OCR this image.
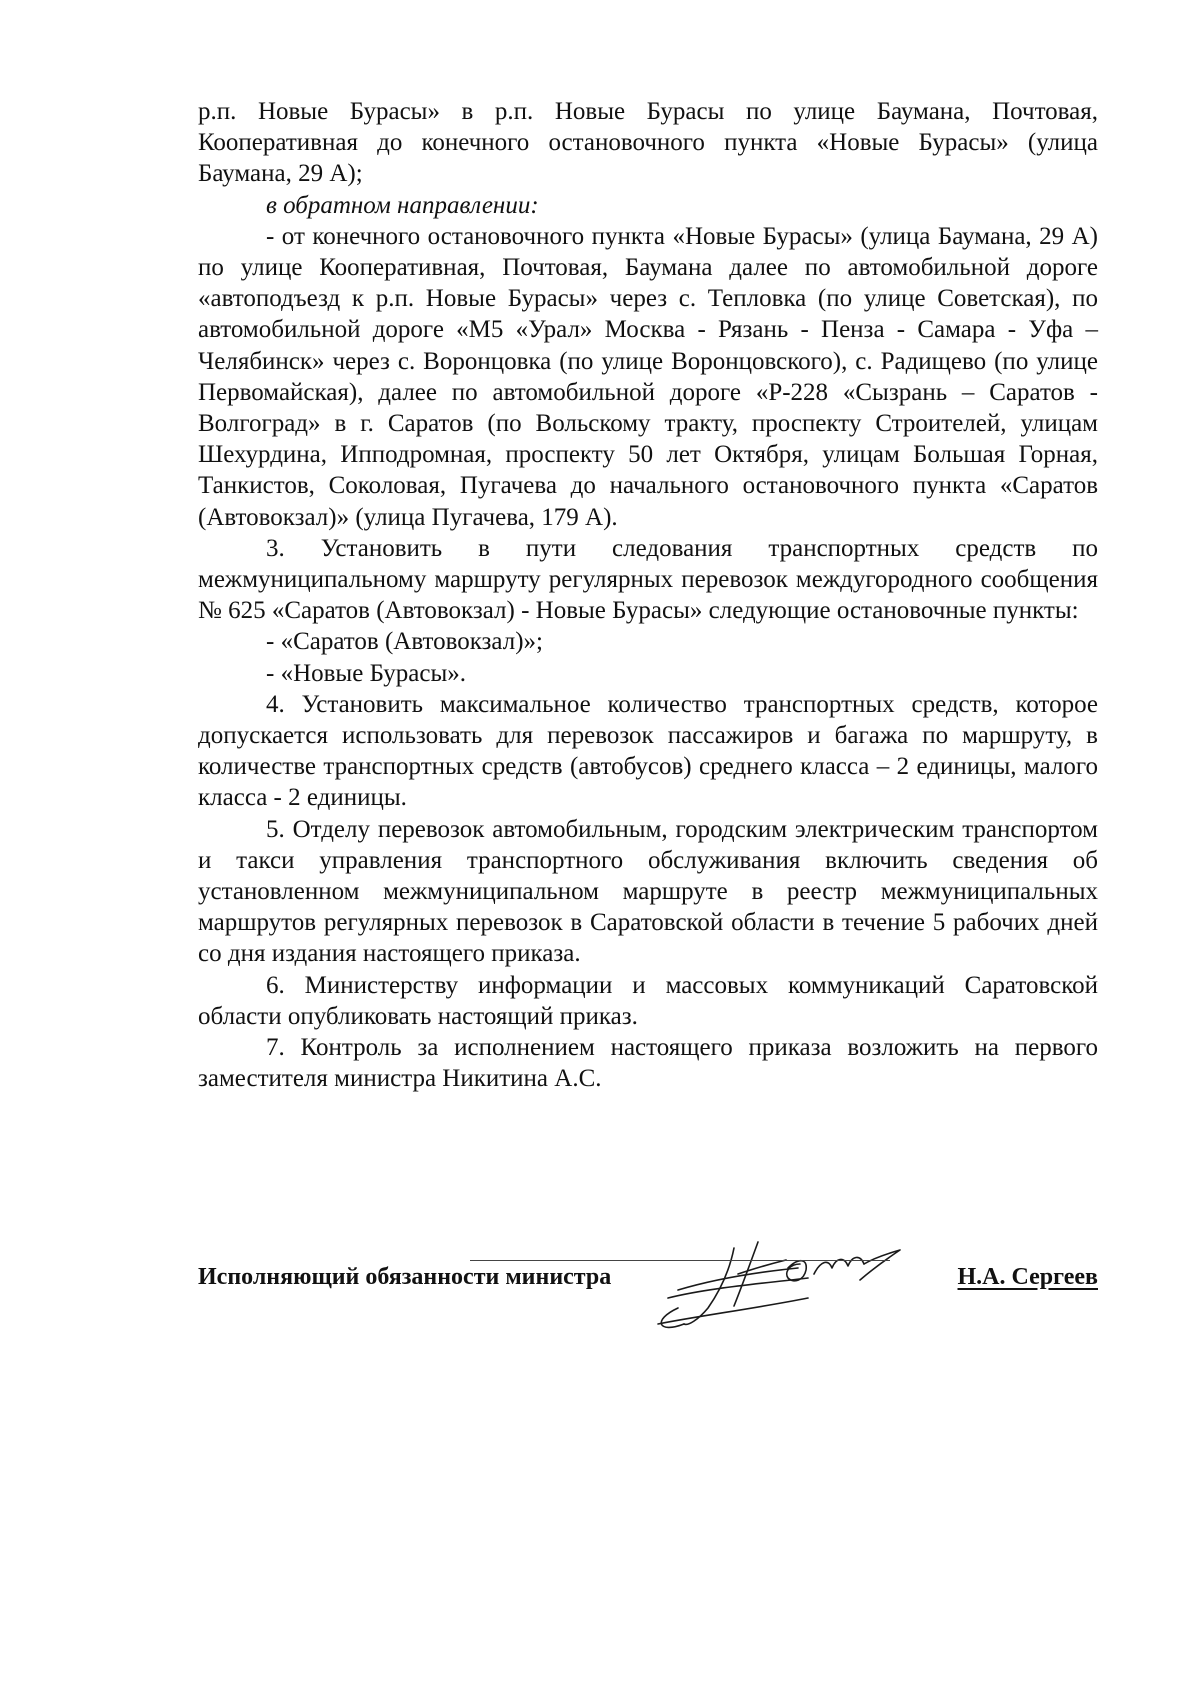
р.п. Новые Бурасы» в р.п. Новые Бурасы по улице Баумана, Почтовая, Кооперативная до конечного остановочного пункта «Новые Бурасы» (улица Баумана, 29 А);

в обратном направлении:

- от конечного остановочного пункта «Новые Бурасы» (улица Баумана, 29 А) по улице Кооперативная, Почтовая, Баумана далее по автомобильной дороге «автоподъезд к р.п. Новые Бурасы» через с. Тепловка (по улице Советская), по автомобильной дороге «М5 «Урал» Москва - Рязань - Пенза - Самара - Уфа – Челябинск» через с. Воронцовка (по улице Воронцовского), с. Радищево (по улице Первомайская), далее по автомобильной дороге «Р-228 «Сызрань – Саратов - Волгоград» в г. Саратов (по Вольскому тракту, проспекту Строителей, улицам Шехурдина, Ипподромная, проспекту 50 лет Октября, улицам Большая Горная, Танкистов, Соколовая, Пугачева до начального остановочного пункта «Саратов (Автовокзал)» (улица Пугачева, 179 А).

3. Установить в пути следования транспортных средств по межмуниципальному маршруту регулярных перевозок междугородного сообщения № 625 «Саратов (Автовокзал) - Новые Бурасы» следующие остановочные пункты:

- «Саратов (Автовокзал)»;

- «Новые Бурасы».

4. Установить максимальное количество транспортных средств, которое допускается использовать для перевозок пассажиров и багажа по маршруту, в количестве транспортных средств (автобусов) среднего класса – 2 единицы, малого класса - 2 единицы.

5. Отделу перевозок автомобильным, городским электрическим транспортом и такси управления транспортного обслуживания включить сведения об установленном межмуниципальном маршруте в реестр межмуниципальных маршрутов регулярных перевозок в Саратовской области в течение 5 рабочих дней со дня издания настоящего приказа.

6. Министерству информации и массовых коммуникаций Саратовской области опубликовать настоящий приказ.

7. Контроль за исполнением настоящего приказа возложить на первого заместителя министра Никитина А.С.

Исполняющий обязанности министра	Н.А. Сергеев
